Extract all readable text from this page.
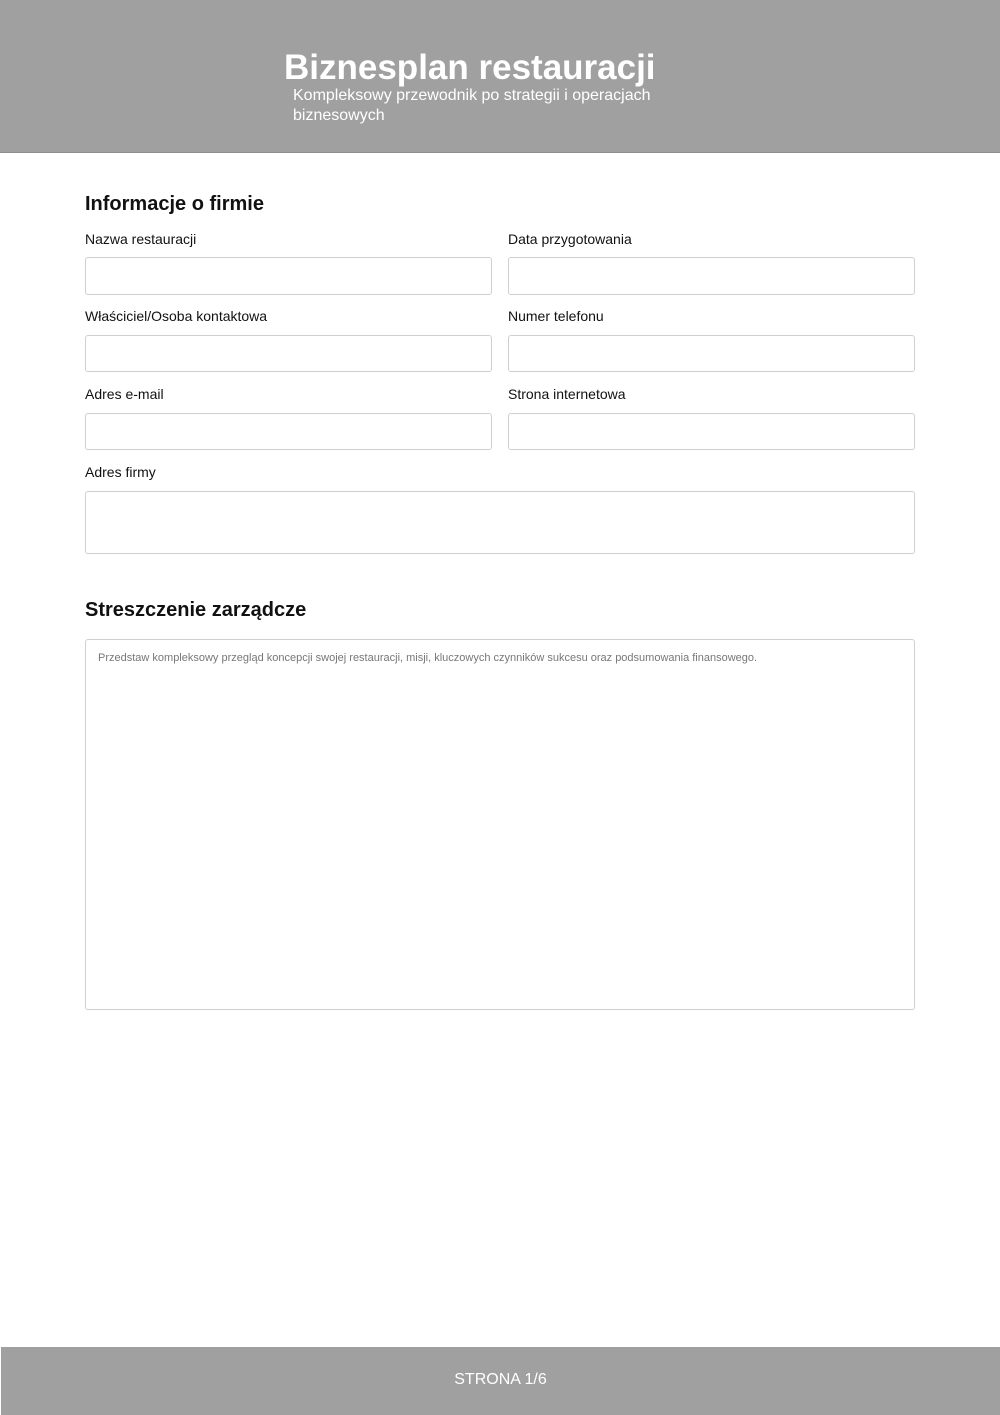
Biznesplan restauracji

Kompleksowy przewodnik po strategii i operacjach biznesowych

Informacje o firmie
Nazwa restauracji	Data przygotowania
Właściciel/Osoba kontaktowa	Numer telefonu
Adres e-mail	Strona internetowa
Adres firmy
Streszczenie zarządcze
Przedstaw kompleksowy przegląd koncepcji swojej restauracji, misji, kluczowych czynników sukcesu oraz podsumowania finansowego.
STRONA 1/6
